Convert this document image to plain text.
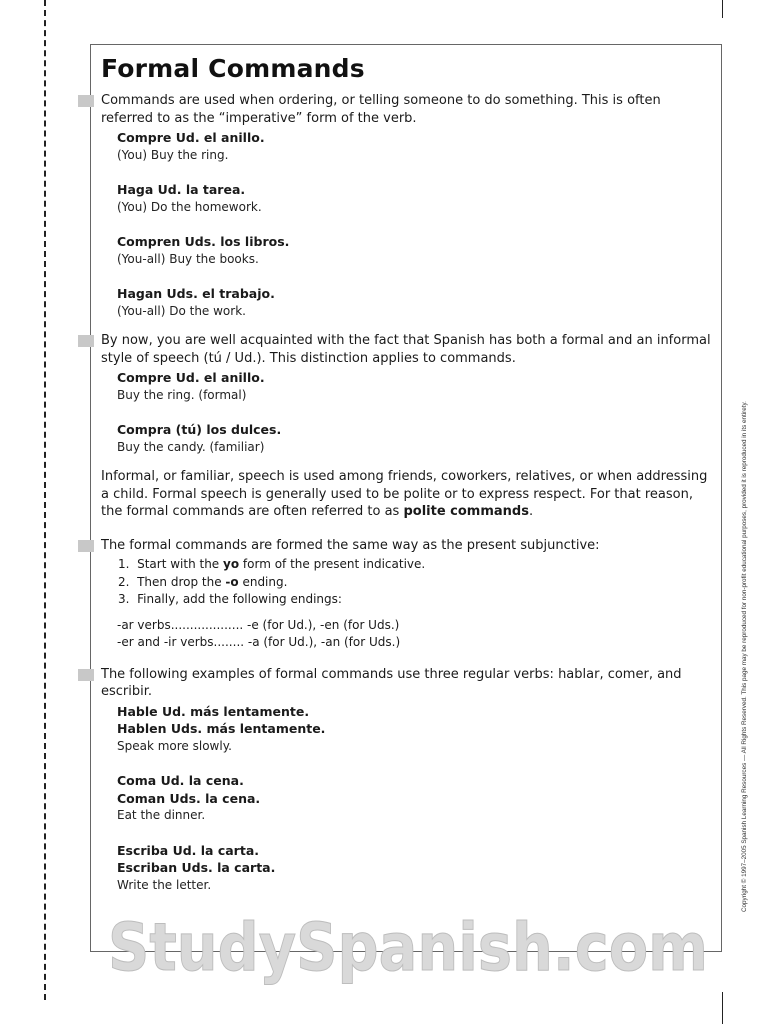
Formal Commands

Commands are used when ordering, or telling someone to do something. This is often referred to as the “imperative” form of the verb.

Compre Ud. el anillo.
(You) Buy the ring.
Haga Ud. la tarea.
(You) Do the homework.
Compren Uds. los libros.
(You-all) Buy the books.
Hagan Uds. el trabajo.
(You-all) Do the work.

By now, you are well acquainted with the fact that Spanish has both a formal and an informal style of speech (tú / Ud.). This distinction applies to commands.

Compre Ud. el anillo.
Buy the ring. (formal)
Compra (tú) los dulces.
Buy the candy. (familiar)

Informal, or familiar, speech is used among friends, coworkers, relatives, or when addressing a child. Formal speech is generally used to be polite or to express respect. For that reason, the formal commands are often referred to as polite commands.

The formal commands are formed the same way as the present subjunctive:

1. Start with the yo form of the present indicative.
2. Then drop the -o ending.
3. Finally, add the following endings:
-ar verbs................... -e (for Ud.), -en (for Uds.)
-er and -ir verbs........ -a (for Ud.), -an (for Uds.)

The following examples of formal commands use three regular verbs: hablar, comer, and escribir.

Hable Ud. más lentamente.
Hablen Uds. más lentamente.
Speak more slowly.
Coma Ud. la cena.
Coman Uds. la cena.
Eat the dinner.
Escriba Ud. la carta.
Escriban Uds. la carta.
Write the letter.	Copyright © 1997–2005 Spanish Learning Resources — All Rights Reserved. This page may be reproduced for non-profit educational purposes, provided it is reproduced in its entirety.
StudySpanish.com
